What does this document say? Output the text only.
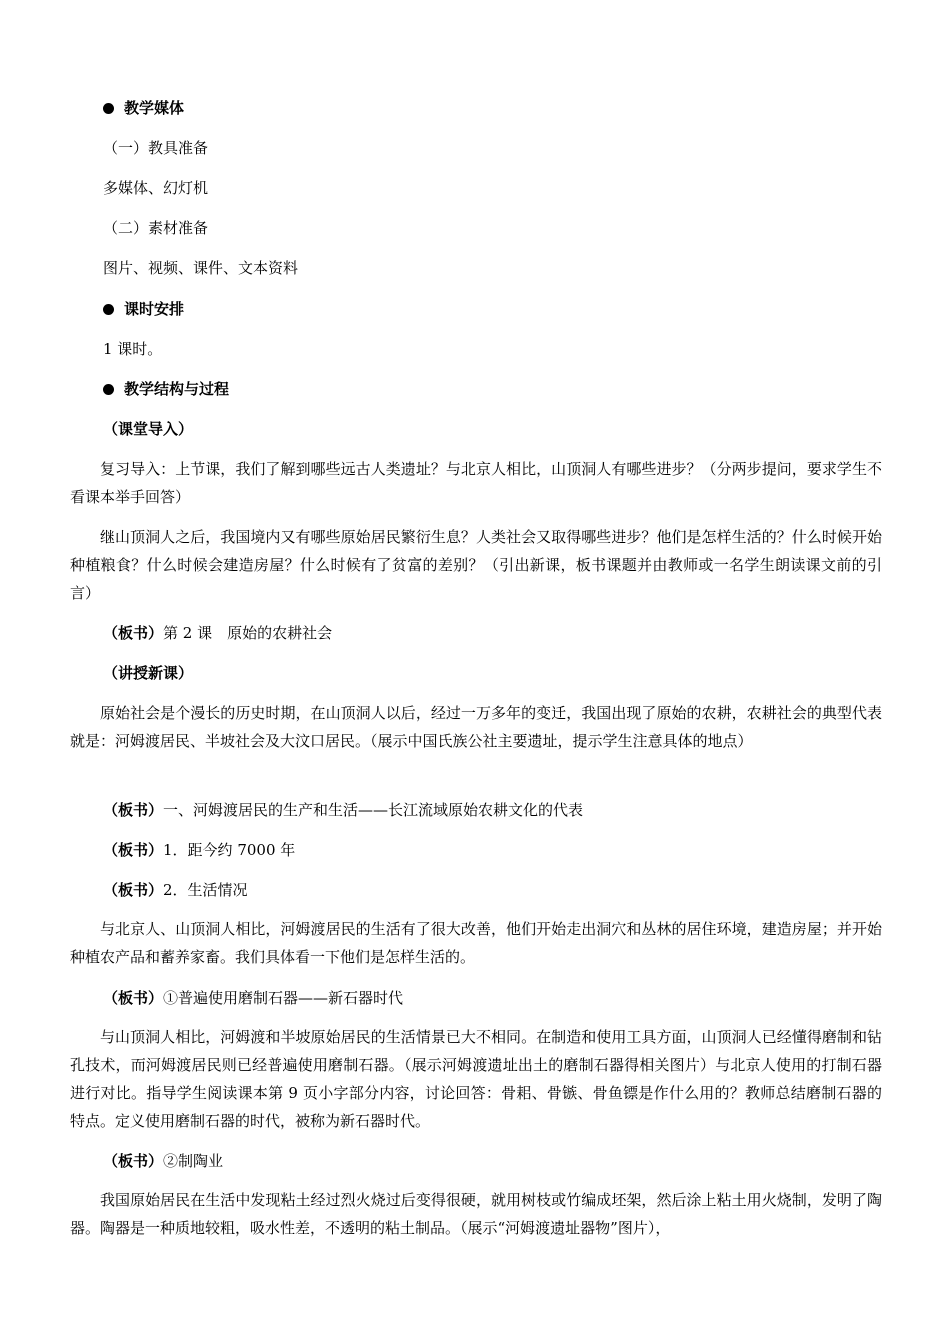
教学媒体
（一）教具准备
多媒体、幻灯机
（二）素材准备
图片、视频、课件、文本资料
课时安排
1 课时。
教学结构与过程
（课堂导入）

复习导入：上节课，我们了解到哪些远古人类遗址？与北京人相比，山顶洞人有哪些进步？（分两步提问，要求学生不看课本举手回答）

继山顶洞人之后，我国境内又有哪些原始居民繁衍生息？人类社会又取得哪些进步？他们是怎样生活的？什么时候开始种植粮食？什么时候会建造房屋？什么时候有了贫富的差别？（引出新课，板书课题并由教师或一名学生朗读课文前的引言）

（板书）第 2 课　原始的农耕社会
（讲授新课）

原始社会是个漫长的历史时期，在山顶洞人以后，经过一万多年的变迁，我国出现了原始的农耕，农耕社会的典型代表就是：河姆渡居民、半坡社会及大汶口居民。（展示中国氏族公社主要遗址，提示学生注意具体的地点）

（板书）一、河姆渡居民的生产和生活——长江流域原始农耕文化的代表
（板书）1．距今约 7000 年
（板书）2．生活情况

与北京人、山顶洞人相比，河姆渡居民的生活有了很大改善，他们开始走出洞穴和丛林的居住环境，建造房屋；并开始种植农产品和蓄养家畜。我们具体看一下他们是怎样生活的。

（板书）①普遍使用磨制石器——新石器时代

与山顶洞人相比，河姆渡和半坡原始居民的生活情景已大不相同。在制造和使用工具方面，山顶洞人已经懂得磨制和钻孔技术，而河姆渡居民则已经普遍使用磨制石器。（展示河姆渡遗址出土的磨制石器得相关图片）与北京人使用的打制石器进行对比。指导学生阅读课本第 9 页小字部分内容，讨论回答：骨耜、骨镞、骨鱼镖是作什么用的？教师总结磨制石器的特点。定义使用磨制石器的时代，被称为新石器时代。

（板书）②制陶业

我国原始居民在生活中发现粘土经过烈火烧过后变得很硬，就用树枝或竹编成坯架，然后涂上粘土用火烧制，发明了陶器。陶器是一种质地较粗，吸水性差，不透明的粘土制品。（展示“河姆渡遗址器物”图片），
